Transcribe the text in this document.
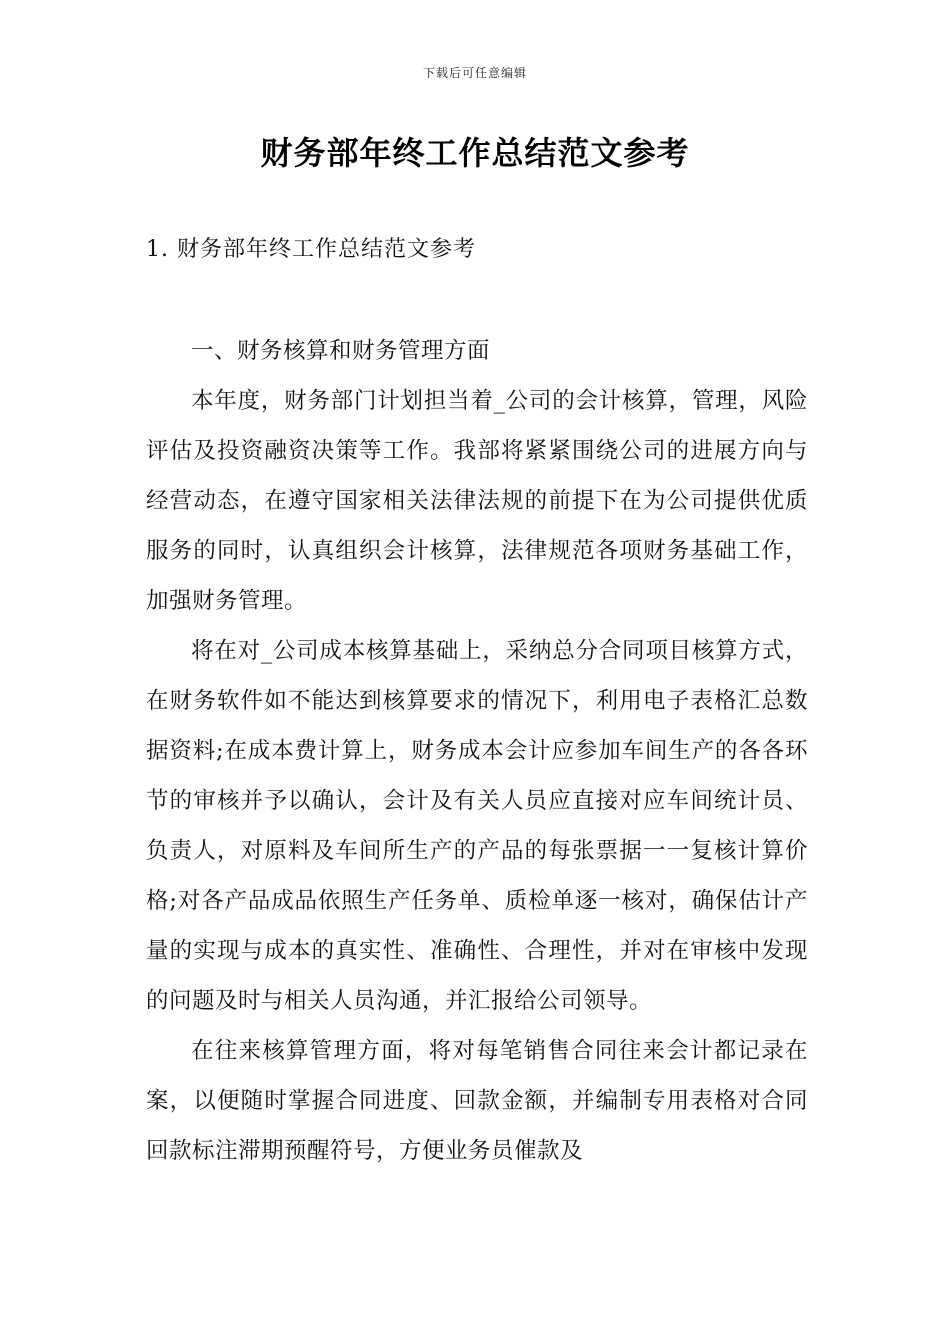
下载后可任意编辑
财务部年终工作总结范文参考
1. 财务部年终工作总结范文参考

一、财务核算和财务管理方面

本年度，财务部门计划担当着_公司的会计核算，管理，风险评估及投资融资决策等工作。我部将紧紧围绕公司的进展方向与经营动态，在遵守国家相关法律法规的前提下在为公司提供优质服务的同时，认真组织会计核算，法律规范各项财务基础工作，加强财务管理。

将在对_公司成本核算基础上，采纳总分合同项目核算方式，在财务软件如不能达到核算要求的情况下，利用电子表格汇总数据资料;在成本费计算上，财务成本会计应参加车间生产的各各环节的审核并予以确认，会计及有关人员应直接对应车间统计员、负责人，对原料及车间所生产的产品的每张票据一一复核计算价格;对各产品成品依照生产任务单、质检单逐一核对，确保估计产量的实现与成本的真实性、准确性、合理性，并对在审核中发现的问题及时与相关人员沟通，并汇报给公司领导。

在往来核算管理方面，将对每笔销售合同往来会计都记录在案，以便随时掌握合同进度、回款金额，并编制专用表格对合同回款标注滞期预醒符号，方便业务员催款及
